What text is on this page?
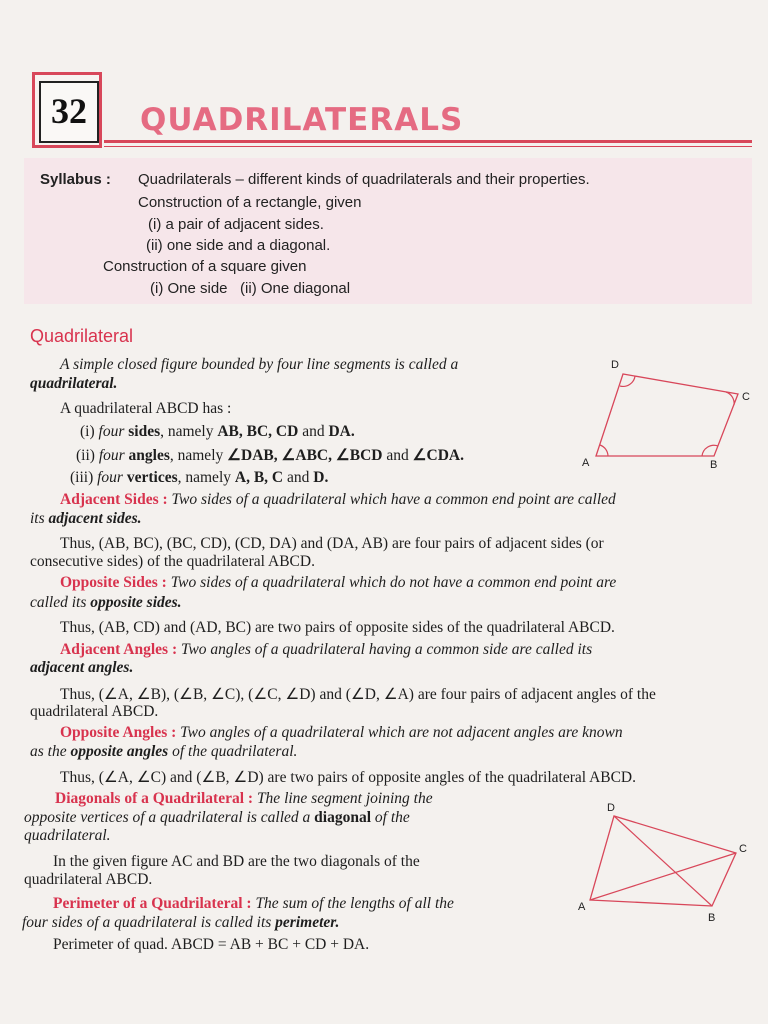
32	QUADRILATERALS
Syllabus : Quadrilaterals – different kinds of quadrilaterals and their properties.
Construction of a rectangle, given
(i) a pair of adjacent sides.
(ii) one side and a diagonal.
Construction of a square given
(i) One side   (ii) One diagonal
Quadrilateral
A simple closed figure bounded by four line segments is called a
quadrilateral.
A quadrilateral ABCD has :
(i) four sides, namely AB, BC, CD and DA.
(ii) four angles, namely ∠DAB, ∠ABC, ∠BCD and ∠CDA.
(iii) four vertices, namely A, B, C and D.
Adjacent Sides : Two sides of a quadrilateral which have a common end point are called
its adjacent sides.
Thus, (AB, BC), (BC, CD), (CD, DA) and (DA, AB) are four pairs of adjacent sides (or
consecutive sides) of the quadrilateral ABCD.
Opposite Sides : Two sides of a quadrilateral which do not have a common end point are
called its opposite sides.
Thus, (AB, CD) and (AD, BC) are two pairs of opposite sides of the quadrilateral ABCD.
Adjacent Angles : Two angles of a quadrilateral having a common side are called its
adjacent angles.
Thus, (∠A, ∠B), (∠B, ∠C), (∠C, ∠D) and (∠D, ∠A) are four pairs of adjacent angles of the
quadrilateral ABCD.
Opposite Angles : Two angles of a quadrilateral which are not adjacent angles are known
as the opposite angles of the quadrilateral.
Thus, (∠A, ∠C) and (∠B, ∠D) are two pairs of opposite angles of the quadrilateral ABCD.
Diagonals of a Quadrilateral : The line segment joining the
opposite vertices of a quadrilateral is called a diagonal of the
quadrilateral.
In the given figure AC and BD are the two diagonals of the
quadrilateral ABCD.
Perimeter of a Quadrilateral : The sum of the lengths of all the
four sides of a quadrilateral is called its perimeter.
Perimeter of quad. ABCD = AB + BC + CD + DA.
A	B
C
D
A
B
C
D
